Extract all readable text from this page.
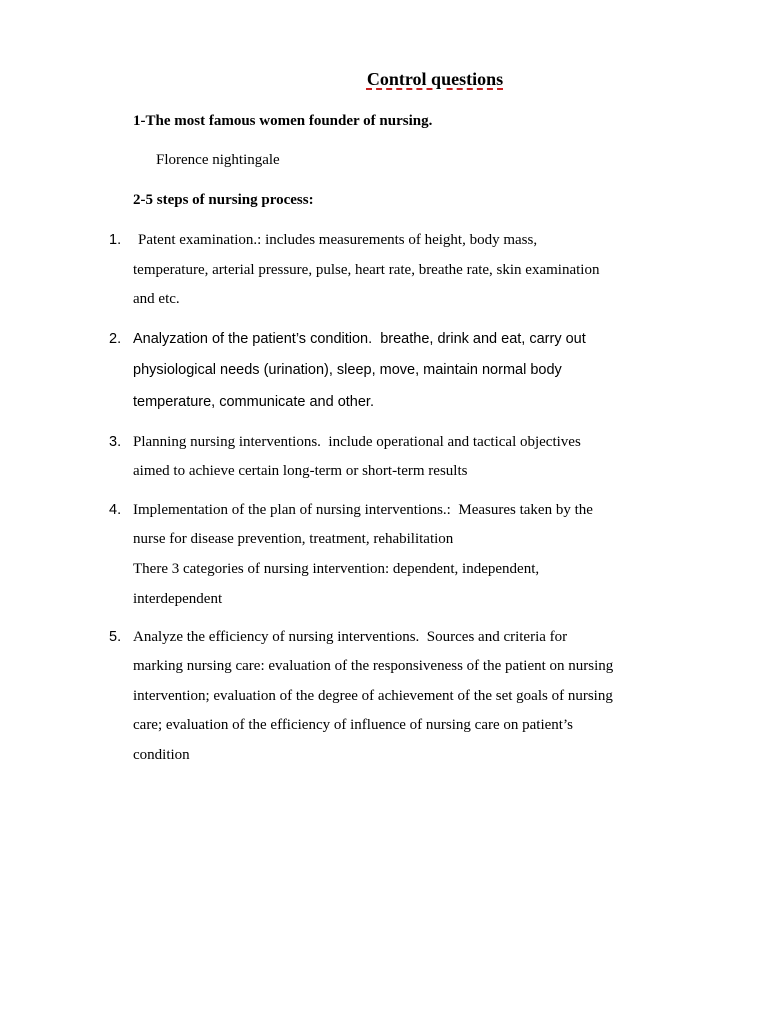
Control questions
1-The most famous women founder of nursing.
Florence nightingale
2-5 steps of nursing process:
1. Patent examination.: includes measurements of height, body mass,
temperature, arterial pressure, pulse, heart rate, breathe rate, skin examination
and etc.
2. Analyzation of the patient’s condition. breathe, drink and eat, carry out
physiological needs (urination), sleep, move, maintain normal body
temperature, communicate and other.
3. Planning nursing interventions. include operational and tactical objectives
aimed to achieve certain long-term or short-term results
4. Implementation of the plan of nursing interventions.: Measures taken by the
nurse for disease prevention, treatment, rehabilitation
There 3 categories of nursing intervention: dependent, independent,
interdependent
5. Analyze the efficiency of nursing interventions. Sources and criteria for
marking nursing care: evaluation of the responsiveness of the patient on nursing
intervention; evaluation of the degree of achievement of the set goals of nursing
care; evaluation of the efficiency of influence of nursing care on patient’s
condition
